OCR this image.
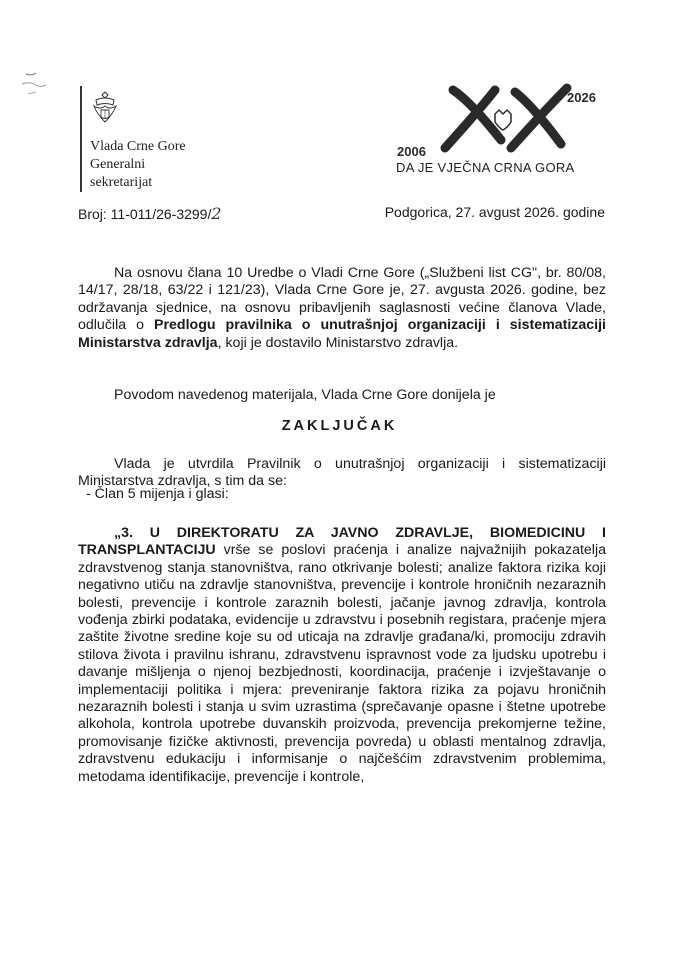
Vlada Crne Gore
Generalni
sekretarijat
2026
2006
DA JE VJEČNA CRNA GORA
Broj: 11-011/26-3299/2	Podgorica, 27. avgust 2026. godine
Na osnovu člana 10 Uredbe o Vladi Crne Gore („Službeni list CG", br. 80/08, 14/17, 28/18, 63/22 i 121/23), Vlada Crne Gore je, 27. avgusta 2026. godine, bez održavanja sjednice, na osnovu pribavljenih saglasnosti većine članova Vlade, odlučila o Predlogu pravilnika o unutrašnjoj organizaciji i sistematizaciji Ministarstva zdravlja, koji je dostavilo Ministarstvo zdravlja.
Povodom navedenog materijala, Vlada Crne Gore donijela je
ZAKLJUČAK
Vlada je utvrdila Pravilnik o unutrašnjoj organizaciji i sistematizaciji Ministarstva zdravlja, s tim da se:
- Član 5 mijenja i glasi:
„3. U DIREKTORATU ZA JAVNO ZDRAVLJE, BIOMEDICINU I TRANSPLANTACIJU vrše se poslovi praćenja i analize najvažnijih pokazatelja zdravstvenog stanja stanovništva, rano otkrivanje bolesti; analize faktora rizika koji negativno utiču na zdravlje stanovništva, prevencije i kontrole hroničnih nezaraznih bolesti, prevencije i kontrole zaraznih bolesti, jačanje javnog zdravlja, kontrola vođenja zbirki podataka, evidencije u zdravstvu i posebnih registara, praćenje mjera zaštite životne sredine koje su od uticaja na zdravlje građana/ki, promociju zdravih stilova života i pravilnu ishranu, zdravstvenu ispravnost vode za ljudsku upotrebu i davanje mišljenja o njenoj bezbjednosti, koordinacija, praćenje i izvještavanje o implementaciji politika i mjera: preveniranje faktora rizika za pojavu hroničnih nezaraznih bolesti i stanja u svim uzrastima (sprečavanje opasne i štetne upotrebe alkohola, kontrola upotrebe duvanskih proizvoda, prevencija prekomjerne težine, promovisanje fizičke aktivnosti, prevencija povreda) u oblasti mentalnog zdravlja, zdravstvenu edukaciju i informisanje o najčešćim zdravstvenim problemima, metodama identifikacije, prevencije i kontrole,
